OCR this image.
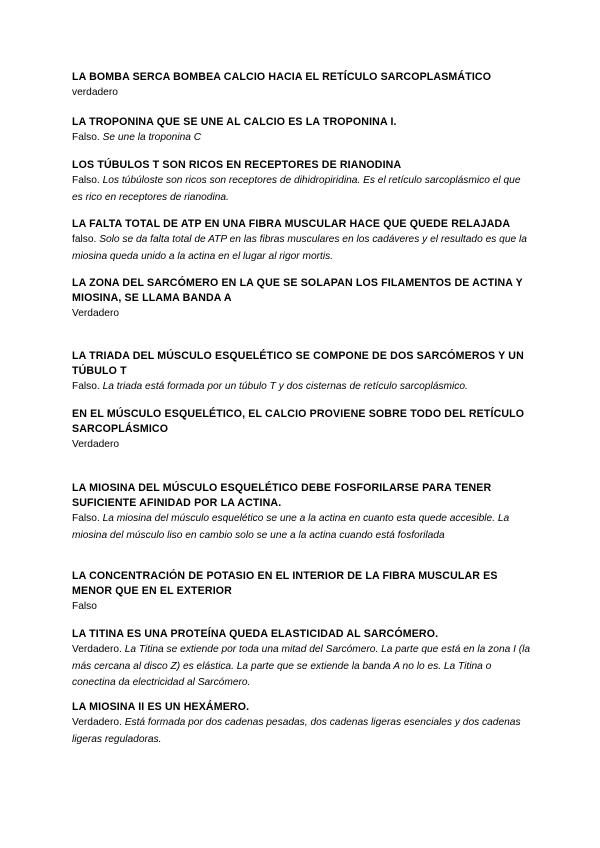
LA BOMBA SERCA BOMBEA CALCIO HACIA EL RETÍCULO SARCOPLASMÁTICO

verdadero

LA TROPONINA QUE SE UNE AL CALCIO ES LA TROPONINA I.

Falso. Se une la troponina C

LOS TÚBULOS T SON RICOS EN RECEPTORES DE RIANODINA

Falso. Los túbúloste son ricos son receptores de dihidropiridina. Es el retículo sarcoplásmico el que es rico en receptores de rianodina.

LA FALTA TOTAL DE ATP EN UNA FIBRA MUSCULAR HACE QUE QUEDE RELAJADA

falso. Solo se da falta total de ATP en las fibras musculares en los cadáveres y el resultado es que la miosina queda unido a la actina en el lugar al rigor mortis.

LA ZONA DEL SARCÓMERO EN LA QUE SE SOLAPAN LOS FILAMENTOS DE ACTINA Y MIOSINA, SE LLAMA BANDA A

Verdadero

LA TRIADA DEL MÚSCULO ESQUELÉTICO SE COMPONE DE DOS SARCÓMEROS Y UN TÚBULO T

Falso. La triada está formada por un túbulo T y dos cisternas de retículo sarcoplásmico.

EN EL MÚSCULO ESQUELÉTICO, EL CALCIO PROVIENE SOBRE TODO DEL RETÍCULO SARCOPLÁSMICO

Verdadero

LA MIOSINA DEL MÚSCULO ESQUELÉTICO DEBE FOSFORILARSE PARA TENER SUFICIENTE AFINIDAD POR LA ACTINA.

Falso. La miosina del músculo esquelético se une a la actina en cuanto esta quede accesible. La miosina del músculo liso en cambio solo se une a la actina cuando está fosforilada

LA CONCENTRACIÓN DE POTASIO EN EL INTERIOR DE LA FIBRA MUSCULAR ES MENOR QUE EN EL EXTERIOR

Falso

LA TITINA ES UNA PROTEÍNA QUEDA ELASTICIDAD AL SARCÓMERO.

Verdadero. La Titina se extiende por toda una mitad del Sarcómero. La parte que está en la zona I (la más cercana al disco Z) es elástica. La parte que se extiende la banda A no lo es. La Titina o conectina da electricidad al Sarcómero.

LA MIOSINA II ES UN HEXÁMERO.

Verdadero. Está formada por dos cadenas pesadas, dos cadenas ligeras esenciales y dos cadenas ligeras reguladoras.
